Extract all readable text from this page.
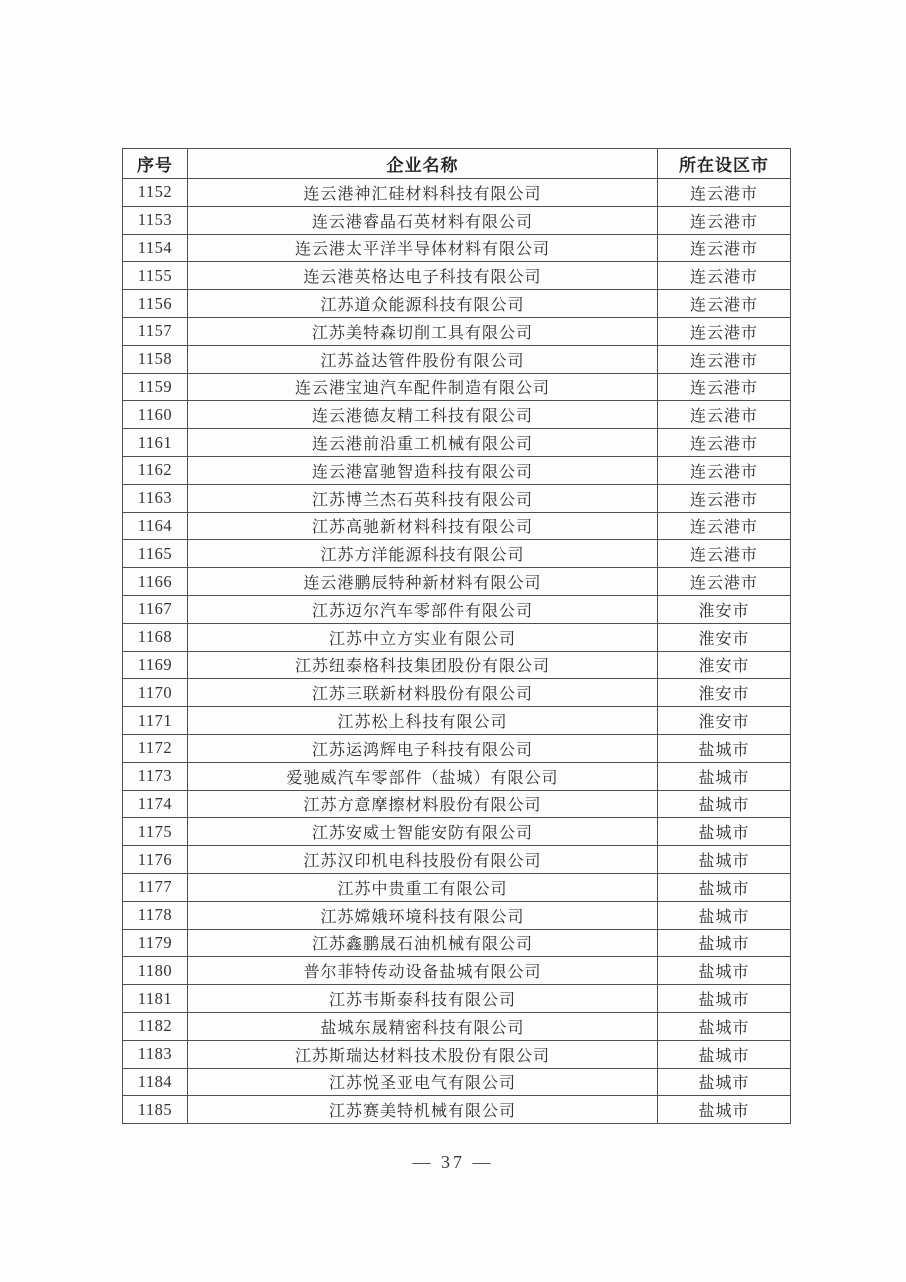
序号	企业名称	所在设区市
1152	连云港神汇硅材料科技有限公司	连云港市
1153	连云港睿晶石英材料有限公司	连云港市
1154	连云港太平洋半导体材料有限公司	连云港市
1155	连云港英格达电子科技有限公司	连云港市
1156	江苏道众能源科技有限公司	连云港市
1157	江苏美特森切削工具有限公司	连云港市
1158	江苏益达管件股份有限公司	连云港市
1159	连云港宝迪汽车配件制造有限公司	连云港市
1160	连云港德友精工科技有限公司	连云港市
1161	连云港前沿重工机械有限公司	连云港市
1162	连云港富驰智造科技有限公司	连云港市
1163	江苏博兰杰石英科技有限公司	连云港市
1164	江苏高驰新材料科技有限公司	连云港市
1165	江苏方洋能源科技有限公司	连云港市
1166	连云港鹏辰特种新材料有限公司	连云港市
1167	江苏迈尔汽车零部件有限公司	淮安市
1168	江苏中立方实业有限公司	淮安市
1169	江苏纽泰格科技集团股份有限公司	淮安市
1170	江苏三联新材料股份有限公司	淮安市
1171	江苏松上科技有限公司	淮安市
1172	江苏运鸿辉电子科技有限公司	盐城市
1173	爱驰威汽车零部件（盐城）有限公司	盐城市
1174	江苏方意摩擦材料股份有限公司	盐城市
1175	江苏安威士智能安防有限公司	盐城市
1176	江苏汉印机电科技股份有限公司	盐城市
1177	江苏中贵重工有限公司	盐城市
1178	江苏嫦娥环境科技有限公司	盐城市
1179	江苏鑫鹏晟石油机械有限公司	盐城市
1180	普尔菲特传动设备盐城有限公司	盐城市
1181	江苏韦斯泰科技有限公司	盐城市
1182	盐城东晟精密科技有限公司	盐城市
1183	江苏斯瑞达材料技术股份有限公司	盐城市
1184	江苏悦圣亚电气有限公司	盐城市
1185	江苏赛美特机械有限公司	盐城市
— 37 —
